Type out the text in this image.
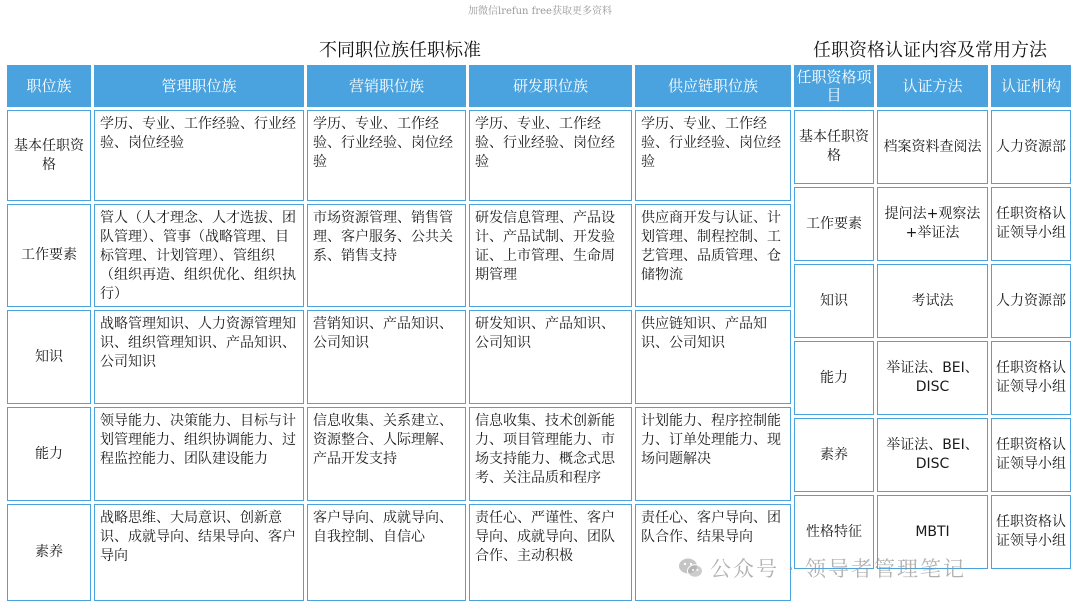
加微信lrefun free获取更多资料
不同职位族任职标准	任职资格认证内容及常用方法
职位族	管理职位族	营销职位族	研发职位族	供应链职位族
基本任职资格	学历、专业、工作经验、行业经验、岗位经验	学历、专业、工作经验、行业经验、岗位经验	学历、专业、工作经验、行业经验、岗位经验	学历、专业、工作经验、行业经验、岗位经验
工作要素	管人（人才理念、人才选拔、团队管理）、管事（战略管理、目标管理、计划管理）、管组织（组织再造、组织优化、组织执行）	市场资源管理、销售管理、客户服务、公共关系、销售支持	研发信息管理、产品设计、产品试制、开发验证、上市管理、生命周期管理	供应商开发与认证、计划管理、制程控制、工艺管理、品质管理、仓储物流
知识	战略管理知识、人力资源管理知识、组织管理知识、产品知识、公司知识	营销知识、产品知识、公司知识	研发知识、产品知识、公司知识	供应链知识、产品知识、公司知识
能力	领导能力、决策能力、目标与计划管理能力、组织协调能力、过程监控能力、团队建设能力	信息收集、关系建立、资源整合、人际理解、产品开发支持	信息收集、技术创新能力、项目管理能力、市场支持能力、概念式思考、关注品质和程序	计划能力、程序控制能力、订单处理能力、现场问题解决
素养	战略思维、大局意识、创新意识、成就导向、结果导向、客户导向	客户导向、成就导向、自我控制、自信心	责任心、严谨性、客户导向、成就导向、团队合作、主动积极	责任心、客户导向、团队合作、结果导向
任职资格项目	认证方法	认证机构
基本任职资格	档案资料查阅法	人力资源部
工作要素	提问法+观察法+举证法	任职资格认证领导小组
知识	考试法	人力资源部
能力	举证法、BEI、DISC	任职资格认证领导小组
素养	举证法、BEI、DISC	任职资格认证领导小组
性格特征	MBTI	任职资格认证领导小组
公众号 · 领导者管理笔记
